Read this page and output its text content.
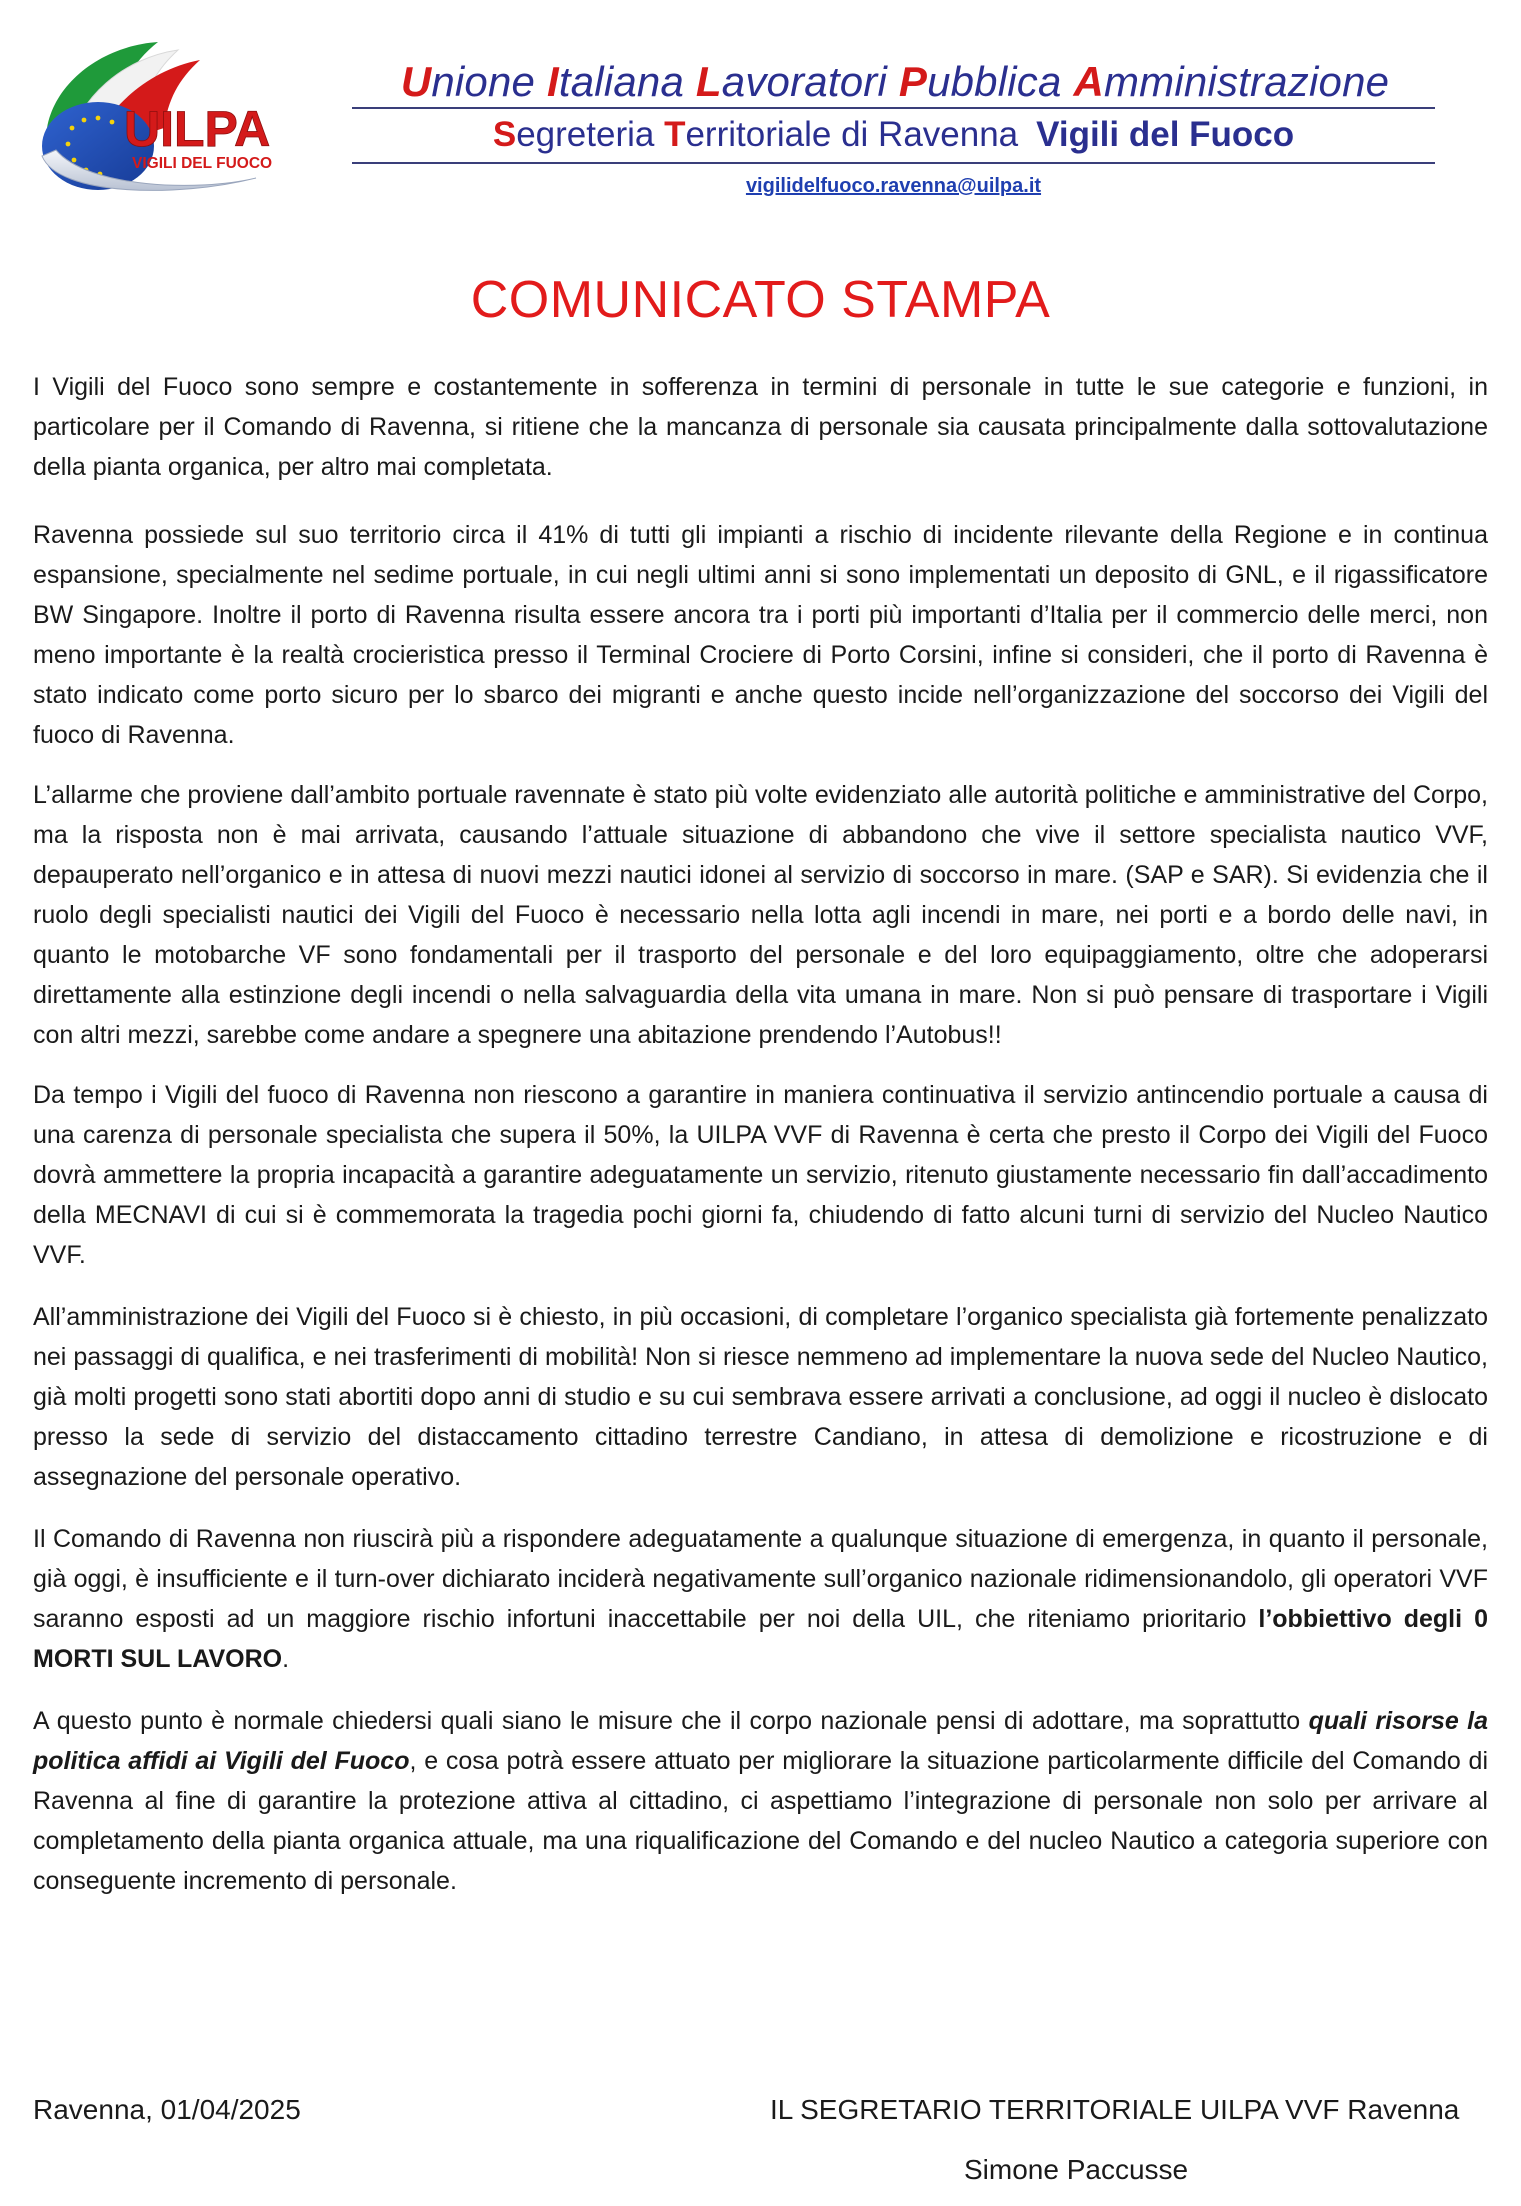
UILPA
VIGILI DEL FUOCO
Unione Italiana Lavoratori Pubblica Amministrazione
Segreteria Territoriale di Ravenna Vigili del Fuoco
vigilidelfuoco.ravenna@uilpa.it
COMUNICATO STAMPA

I Vigili del Fuoco sono sempre e costantemente in sofferenza in termini di personale in tutte le sue categorie e funzioni, in particolare per il Comando di Ravenna, si ritiene che la mancanza di personale sia causata principalmente dalla sottovalutazione della pianta organica, per altro mai completata.

Ravenna possiede sul suo territorio circa il 41% di tutti gli impianti a rischio di incidente rilevante della Regione e in continua espansione, specialmente nel sedime portuale, in cui negli ultimi anni si sono implementati un deposito di GNL, e il rigassificatore BW Singapore. Inoltre il porto di Ravenna risulta essere ancora tra i porti più importanti d’Italia per il commercio delle merci, non meno importante è la realtà crocieristica presso il Terminal Crociere di Porto Corsini, infine si consideri, che il porto di Ravenna è stato indicato come porto sicuro per lo sbarco dei migranti e anche questo incide nell’organizzazione del soccorso dei Vigili del fuoco di Ravenna.

L’allarme che proviene dall’ambito portuale ravennate è stato più volte evidenziato alle autorità politiche e amministrative del Corpo, ma la risposta non è mai arrivata, causando l’attuale situazione di abbandono che vive il settore specialista nautico VVF, depauperato nell’organico e in attesa di nuovi mezzi nautici idonei al servizio di soccorso in mare. (SAP e SAR). Si evidenzia che il ruolo degli specialisti nautici dei Vigili del Fuoco è necessario nella lotta agli incendi in mare, nei porti e a bordo delle navi, in quanto le motobarche VF sono fondamentali per il trasporto del personale e del loro equipaggiamento, oltre che adoperarsi direttamente alla estinzione degli incendi o nella salvaguardia della vita umana in mare. Non si può pensare di trasportare i Vigili con altri mezzi, sarebbe come andare a spegnere una abitazione prendendo l’Autobus!!

Da tempo i Vigili del fuoco di Ravenna non riescono a garantire in maniera continuativa il servizio antincendio portuale a causa di una carenza di personale specialista che supera il 50%, la UILPA VVF di Ravenna è certa che presto il Corpo dei Vigili del Fuoco dovrà ammettere la propria incapacità a garantire adeguatamente un servizio, ritenuto giustamente necessario fin dall’accadimento della MECNAVI di cui si è commemorata la tragedia pochi giorni fa, chiudendo di fatto alcuni turni di servizio del Nucleo Nautico VVF.

All’amministrazione dei Vigili del Fuoco si è chiesto, in più occasioni, di completare l’organico specialista già fortemente penalizzato nei passaggi di qualifica, e nei trasferimenti di mobilità! Non si riesce nemmeno ad implementare la nuova sede del Nucleo Nautico, già molti progetti sono stati abortiti dopo anni di studio e su cui sembrava essere arrivati a conclusione, ad oggi il nucleo è dislocato presso la sede di servizio del distaccamento cittadino terrestre Candiano, in attesa di demolizione e ricostruzione e di assegnazione del personale operativo.

Il Comando di Ravenna non riuscirà più a rispondere adeguatamente a qualunque situazione di emergenza, in quanto il personale, già oggi, è insufficiente e il turn-over dichiarato inciderà negativamente sull’organico nazionale ridimensionandolo, gli operatori VVF saranno esposti ad un maggiore rischio infortuni inaccettabile per noi della UIL, che riteniamo prioritario l’obbiettivo degli 0 MORTI SUL LAVORO.

A questo punto è normale chiedersi quali siano le misure che il corpo nazionale pensi di adottare, ma soprattutto quali risorse la politica affidi ai Vigili del Fuoco, e cosa potrà essere attuato per migliorare la situazione particolarmente difficile del Comando di Ravenna al fine di garantire la protezione attiva al cittadino, ci aspettiamo l’integrazione di personale non solo per arrivare al completamento della pianta organica attuale, ma una riqualificazione del Comando e del nucleo Nautico a categoria superiore con conseguente incremento di personale.

Ravenna, 01/04/2025	IL SEGRETARIO TERRITORIALE UILPA VVF Ravenna
Simone Paccusse
